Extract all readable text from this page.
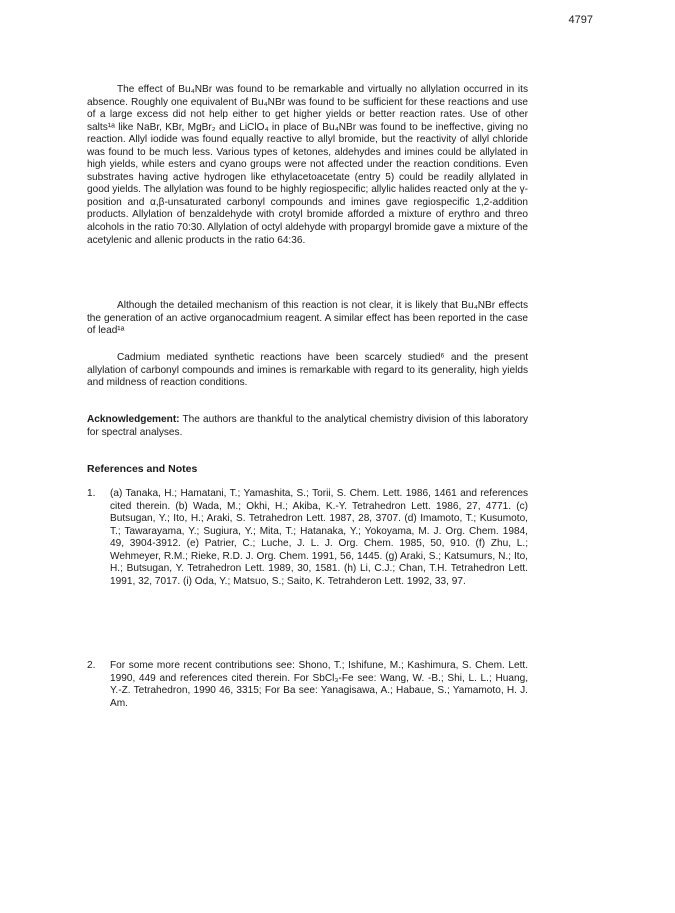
4797

The effect of Bu₄NBr was found to be remarkable and virtually no allylation occurred in its absence. Roughly one equivalent of Bu₄NBr was found to be sufficient for these reactions and use of a large excess did not help either to get higher yields or better reaction rates. Use of other salts¹ᵃ like NaBr, KBr, MgBr₂ and LiClO₄ in place of Bu₄NBr was found to be ineffective, giving no reaction. Allyl iodide was found equally reactive to allyl bromide, but the reactivity of allyl chloride was found to be much less. Various types of ketones, aldehydes and imines could be allylated in high yields, while esters and cyano groups were not affected under the reaction conditions. Even substrates having active hydrogen like ethylacetoacetate (entry 5) could be readily allylated in good yields. The allylation was found to be highly regiospecific; allylic halides reacted only at the γ-position and α,β-unsaturated carbonyl compounds and imines gave regiospecific 1,2-addition products. Allylation of benzaldehyde with crotyl bromide afforded a mixture of erythro and threo alcohols in the ratio 70:30. Allylation of octyl aldehyde with propargyl bromide gave a mixture of the acetylenic and allenic products in the ratio 64:36.

Although the detailed mechanism of this reaction is not clear, it is likely that Bu₄NBr effects the generation of an active organocadmium reagent. A similar effect has been reported in the case of lead¹ᵃ

Cadmium mediated synthetic reactions have been scarcely studied⁶ and the present allylation of carbonyl compounds and imines is remarkable with regard to its generality, high yields and mildness of reaction conditions.

Acknowledgement: The authors are thankful to the analytical chemistry division of this laboratory for spectral analyses.

References and Notes
1.	(a) Tanaka, H.; Hamatani, T.; Yamashita, S.; Torii, S. Chem. Lett. 1986, 1461 and references cited therein. (b) Wada, M.; Okhi, H.; Akiba, K.-Y. Tetrahedron Lett. 1986, 27, 4771. (c) Butsugan, Y.; Ito, H.; Araki, S. Tetrahedron Lett. 1987, 28, 3707. (d) Imamoto, T.; Kusumoto, T.; Tawarayama, Y.; Sugiura, Y.; Mita, T.; Hatanaka, Y.; Yokoyama, M. J. Org. Chem. 1984, 49, 3904-3912. (e) Patrier, C.; Luche, J. L. J. Org. Chem. 1985, 50, 910. (f) Zhu, L.; Wehmeyer, R.M.; Rieke, R.D. J. Org. Chem. 1991, 56, 1445. (g) Araki, S.; Katsumurs, N.; Ito, H.; Butsugan, Y. Tetrahedron Lett. 1989, 30, 1581. (h) Li, C.J.; Chan, T.H. Tetrahedron Lett. 1991, 32, 7017. (i) Oda, Y.; Matsuo, S.; Saito, K. Tetrahderon Lett. 1992, 33, 97.
2.	For some more recent contributions see: Shono, T.; Ishifune, M.; Kashimura, S. Chem. Lett. 1990, 449 and references cited therein. For SbCl₃-Fe see: Wang, W. -B.; Shi, L. L.; Huang, Y.-Z. Tetrahedron, 1990 46, 3315; For Ba see: Yanagisawa, A.; Habaue, S.; Yamamoto, H. J. Am.
